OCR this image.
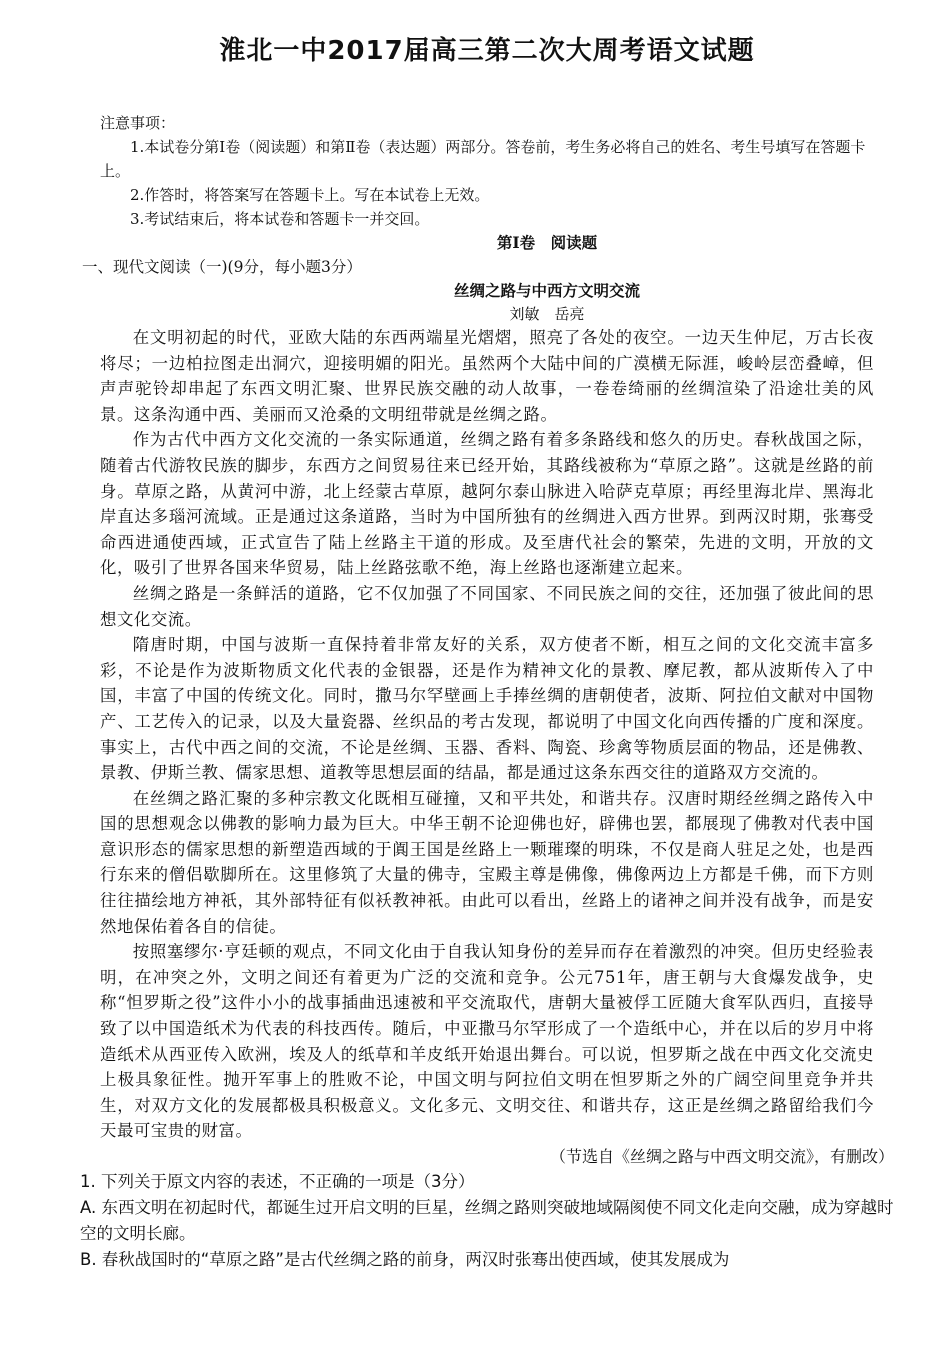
淮北一中2017届高三第二次大周考语文试题

注意事项：

1.本试卷分第Ⅰ卷（阅读题）和第Ⅱ卷（表达题）两部分。答卷前，考生务必将自己的姓名、考生号填写在答题卡上。

2.作答时，将答案写在答题卡上。写在本试卷上无效。

3.考试结束后，将本试卷和答题卡一并交回。

第Ⅰ卷　阅读题
一、现代文阅读（一)(9分，每小题3分）
丝绸之路与中西方文明交流
刘敏　岳亮

在文明初起的时代，亚欧大陆的东西两端星光熠熠，照亮了各处的夜空。一边天生仲尼，万古长夜将尽；一边柏拉图走出洞穴，迎接明媚的阳光。虽然两个大陆中间的广漠横无际涯，峻岭层峦叠嶂，但声声驼铃却串起了东西文明汇聚、世界民族交融的动人故事，一卷卷绮丽的丝绸渲染了沿途壮美的风景。这条沟通中西、美丽而又沧桑的文明纽带就是丝绸之路。

作为古代中西方文化交流的一条实际通道，丝绸之路有着多条路线和悠久的历史。春秋战国之际，随着古代游牧民族的脚步，东西方之间贸易往来已经开始，其路线被称为“草原之路”。这就是丝路的前身。草原之路，从黄河中游，北上经蒙古草原，越阿尔泰山脉进入哈萨克草原；再经里海北岸、黑海北岸直达多瑙河流域。正是通过这条道路，当时为中国所独有的丝绸进入西方世界。到两汉时期，张骞受命西进通使西域，正式宣告了陆上丝路主干道的形成。及至唐代社会的繁荣，先进的文明，开放的文化，吸引了世界各国来华贸易，陆上丝路弦歌不绝，海上丝路也逐渐建立起来。

丝绸之路是一条鲜活的道路，它不仅加强了不同国家、不同民族之间的交往，还加强了彼此间的思想文化交流。

隋唐时期，中国与波斯一直保持着非常友好的关系，双方使者不断，相互之间的文化交流丰富多彩，不论是作为波斯物质文化代表的金银器，还是作为精神文化的景教、摩尼教，都从波斯传入了中国，丰富了中国的传统文化。同时，撒马尔罕壁画上手捧丝绸的唐朝使者，波斯、阿拉伯文献对中国物产、工艺传入的记录，以及大量瓷器、丝织品的考古发现，都说明了中国文化向西传播的广度和深度。事实上，古代中西之间的交流，不论是丝绸、玉器、香料、陶瓷、珍禽等物质层面的物品，还是佛教、景教、伊斯兰教、儒家思想、道教等思想层面的结晶，都是通过这条东西交往的道路双方交流的。

在丝绸之路汇聚的多种宗教文化既相互碰撞，又和平共处，和谐共存。汉唐时期经丝绸之路传入中国的思想观念以佛教的影响力最为巨大。中华王朝不论迎佛也好，辟佛也罢，都展现了佛教对代表中国意识形态的儒家思想的新塑造西域的于阗王国是丝路上一颗璀璨的明珠，不仅是商人驻足之处，也是西行东来的僧侣歇脚所在。这里修筑了大量的佛寺，宝殿主尊是佛像，佛像两边上方都是千佛，而下方则往往描绘地方神祇，其外部特征有似袄教神祇。由此可以看出，丝路上的诸神之间并没有战争，而是安然地保佑着各自的信徒。

按照塞缪尔·亨廷顿的观点，不同文化由于自我认知身份的差异而存在着激烈的冲突。但历史经验表明，在冲突之外，文明之间还有着更为广泛的交流和竞争。公元751年，唐王朝与大食爆发战争，史称“怛罗斯之役”这件小小的战事插曲迅速被和平交流取代，唐朝大量被俘工匠随大食军队西归，直接导致了以中国造纸术为代表的科技西传。随后，中亚撒马尔罕形成了一个造纸中心，并在以后的岁月中将造纸术从西亚传入欧洲，埃及人的纸草和羊皮纸开始退出舞台。可以说，怛罗斯之战在中西文化交流史上极具象征性。抛开军事上的胜败不论，中国文明与阿拉伯文明在怛罗斯之外的广阔空间里竞争并共生，对双方文化的发展都极具积极意义。文化多元、文明交往、和谐共存，这正是丝绸之路留给我们今天最可宝贵的财富。

（节选自《丝绸之路与中西文明交流》，有删改）

1. 下列关于原文内容的表述，不正确的一项是（3分）

A. 东西文明在初起时代，都诞生过开启文明的巨星，丝绸之路则突破地域隔阂使不同文化走向交融，成为穿越时空的文明长廊。

B. 春秋战国时的“草原之路”是古代丝绸之路的前身，两汉时张骞出使西域，使其发展成为
